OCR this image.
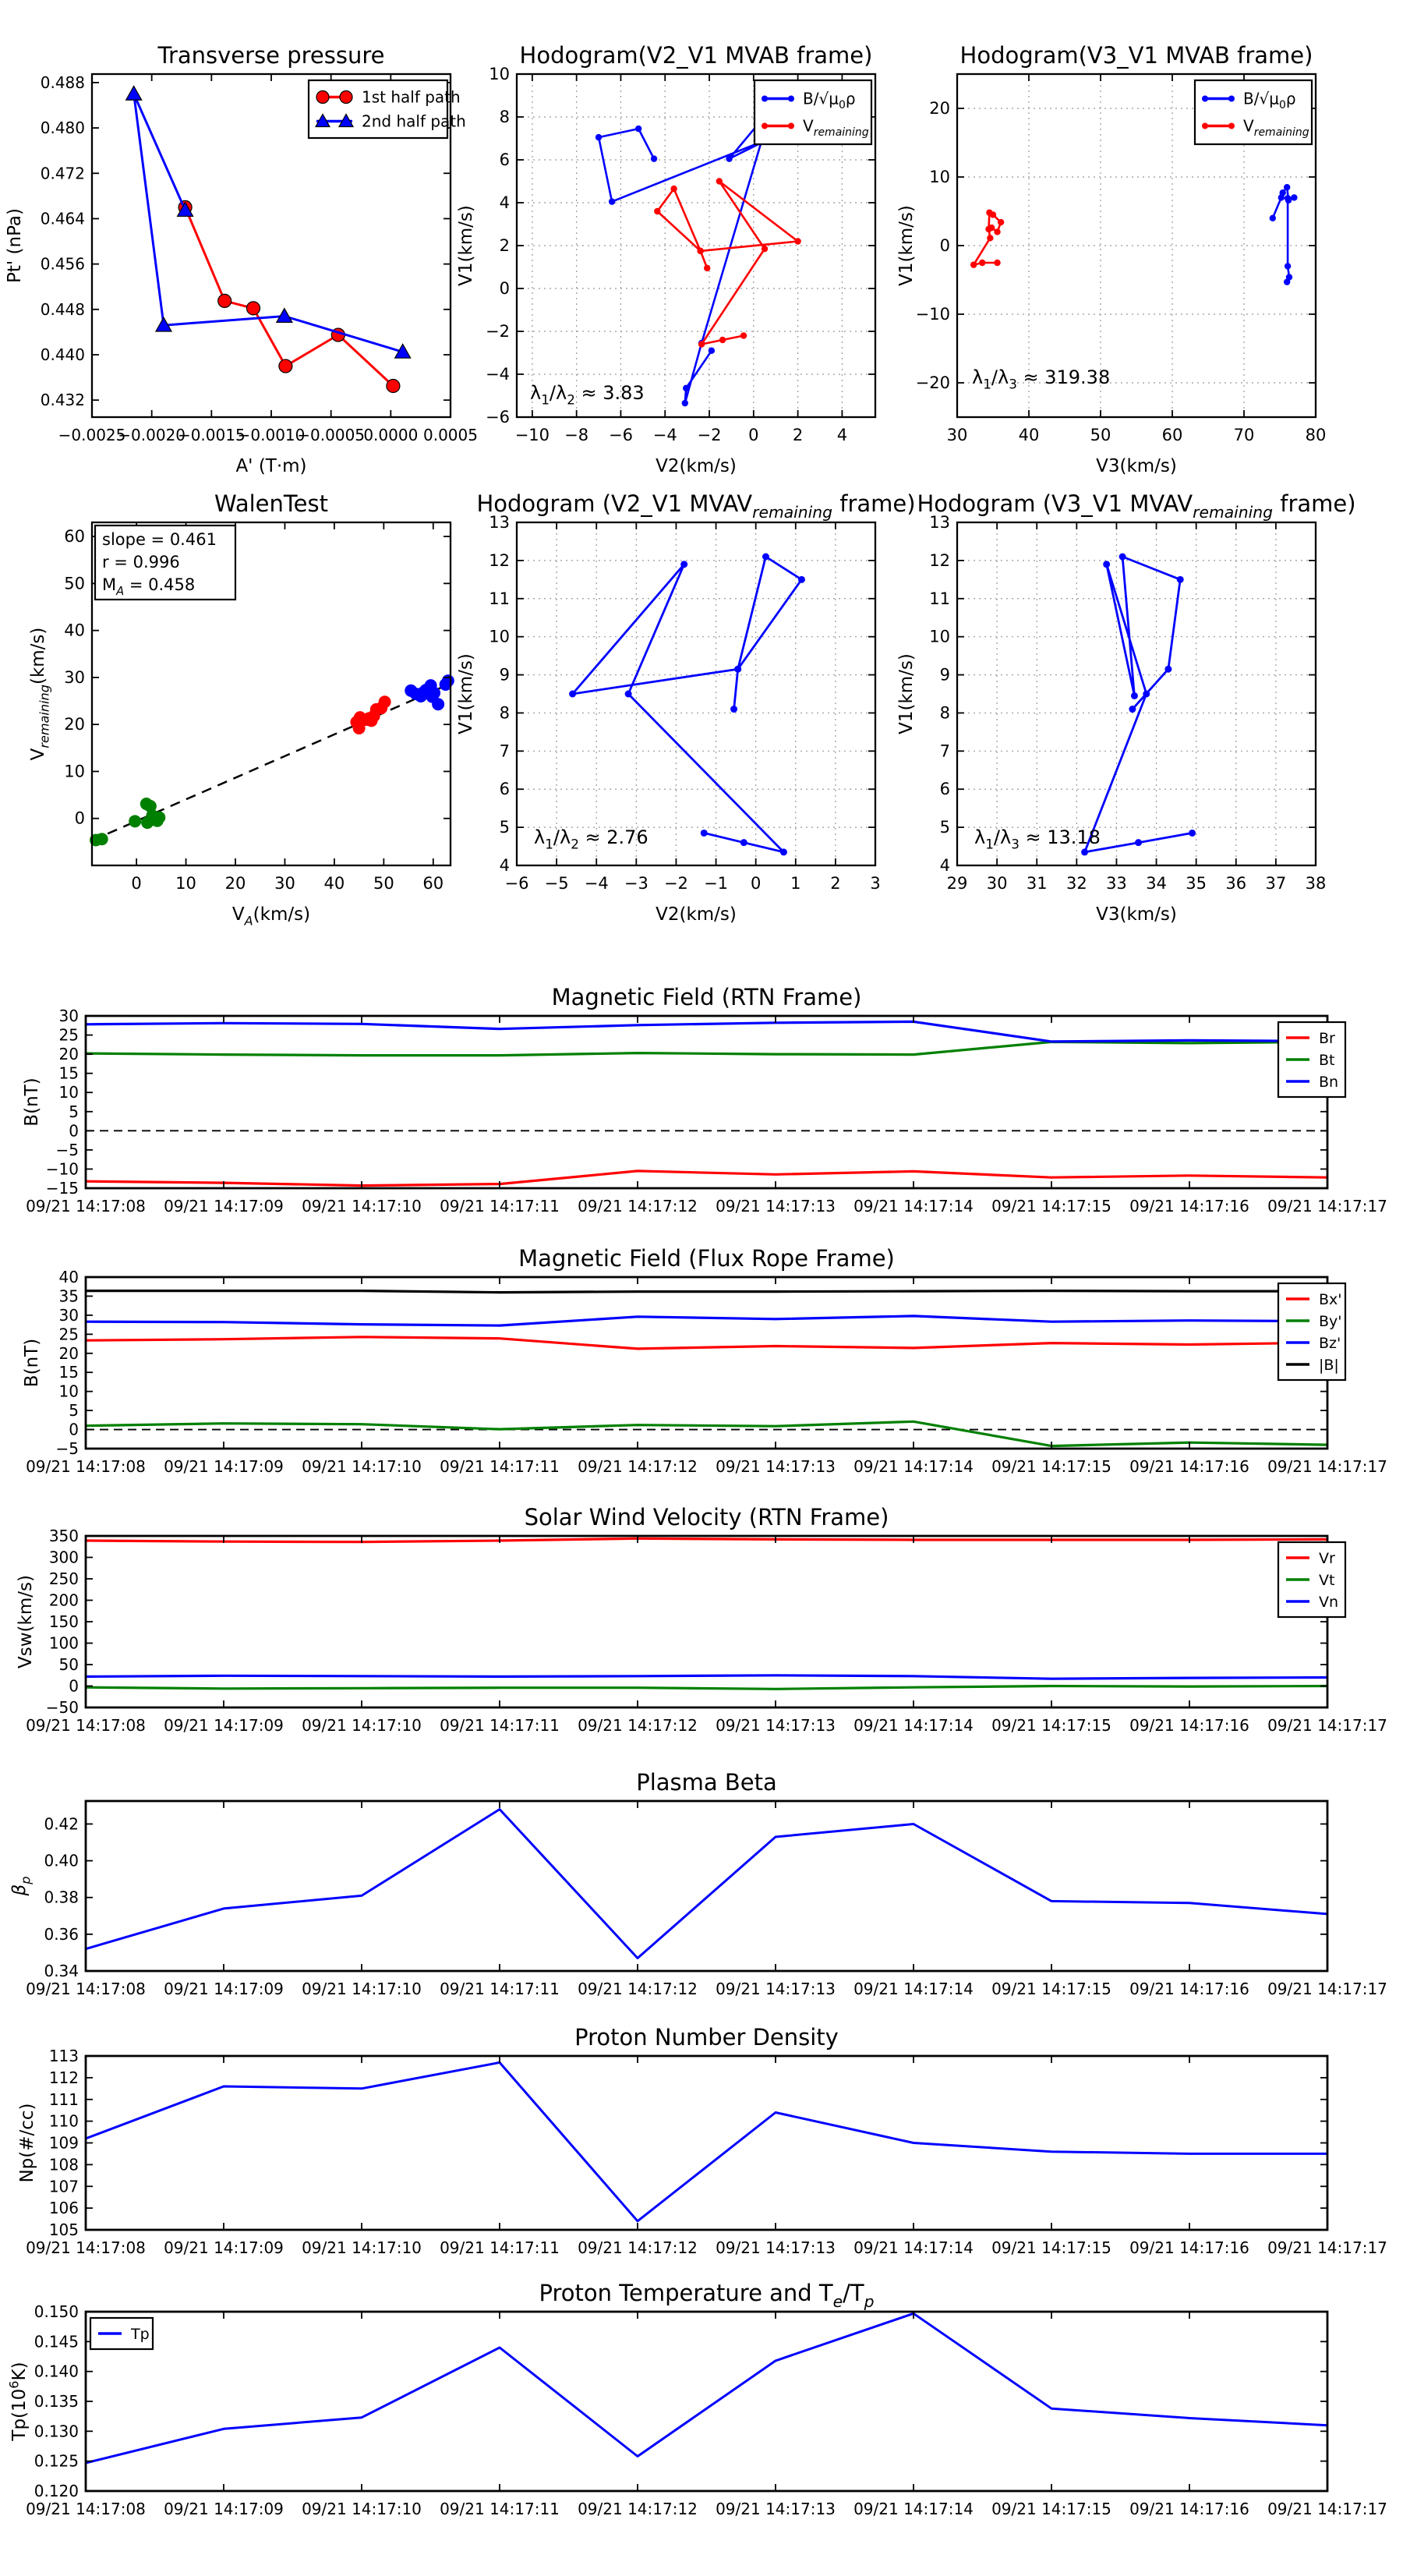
−0.0025
−0.0020
−0.0015
−0.0010
−0.0005
0.0000 0.0005
0.432
0.440
0.448
0.456
0.464
0.472
0.480
0.488
Transverse pressure
A' (T·m)
Pt' (nPa)
1st half path
2nd half path
−10 −8 −6 −4 −2 0 2 4
−6
−4
−2
0
2
4
6
8
10
Hodogram(V2_V1 MVAB frame)
V2(km/s)
V1(km/s)
$B/√\mu_0\rho$
$V_{remaining}$
$\lambda_1/\lambda_2 \approx 3.83$
30	40	50	60	70	80
−20
−10
0
10
20
Hodogram(V3_V1 MVAB frame)
V3(km/s)
V1(km/s)
$B/√\mu_0\rho$
$V_{remaining}$
$\lambda_1/\lambda_3 \approx 319.38$
0 10 20 30 40 50 60
0
10
20
30
40
50
60
WalenTest
$V_A(km/s)$
$V_{remaining}(km/s)$
slope = 0.461
r = 0.996
$M_A = 0.458$
−6 −5 −4 −3 −2 −1 0 1 2 3
4
5
6
7
8
9
10
11
12
13
Hodogram (V2_V1 $MVAV_{remaining}$ frame)
V2(km/s)
V1(km/s)
$\lambda_1/\lambda_2 \approx 2.76$
29 30 31 32 33 34 35 36 37 38
4
5
6
7
8
9
10
11
12
13
Hodogram (V3_V1 $MVAV_{remaining}$ frame)
V3(km/s)
V1(km/s)
$\lambda_1/\lambda_3 \approx 13.18$
09/21 14:17:08 09/21 14:17:09 09/21 14:17:10 09/21 14:17:11 09/21 14:17:12 09/21 14:17:13 09/21 14:17:14 09/21 14:17:15 09/21 14:17:16 09/21 14:17:17
−15
−10
−5
0
5
10
15
20
25
30
Magnetic Field (RTN Frame)
B(nT)
Br
Bt
Bn
09/21 14:17:08 09/21 14:17:09 09/21 14:17:10 09/21 14:17:11 09/21 14:17:12 09/21 14:17:13 09/21 14:17:14 09/21 14:17:15 09/21 14:17:16 09/21 14:17:17
−5
0
5
10
15
20
25
30
35
40
Magnetic Field (Flux Rope Frame)
B(nT)
Bx'
By'
Bz'
|B|
09/21 14:17:08 09/21 14:17:09 09/21 14:17:10 09/21 14:17:11 09/21 14:17:12 09/21 14:17:13 09/21 14:17:14 09/21 14:17:15 09/21 14:17:16 09/21 14:17:17
−50
0
50
100
150
200
250
300
350
Solar Wind Velocity (RTN Frame)
Vsw(km/s)
Vr
Vt
Vn
09/21 14:17:08 09/21 14:17:09 09/21 14:17:10 09/21 14:17:11 09/21 14:17:12 09/21 14:17:13 09/21 14:17:14 09/21 14:17:15 09/21 14:17:16 09/21 14:17:17
0.34
0.36
0.38
0.40
0.42
Plasma Beta
$\beta_p$
09/21 14:17:08 09/21 14:17:09 09/21 14:17:10 09/21 14:17:11 09/21 14:17:12 09/21 14:17:13 09/21 14:17:14 09/21 14:17:15 09/21 14:17:16 09/21 14:17:17
105
106
107
108
109
110
111
112
113
Proton Number Density
Np(#/cc)
09/21 14:17:08 09/21 14:17:09 09/21 14:17:10 09/21 14:17:11 09/21 14:17:12 09/21 14:17:13 09/21 14:17:14 09/21 14:17:15 09/21 14:17:16 09/21 14:17:17
0.120
0.125
0.130
0.135
0.140
0.145
0.150
Proton Temperature and $T_e/T_p$
$Tp(10^6K)$
Tp
